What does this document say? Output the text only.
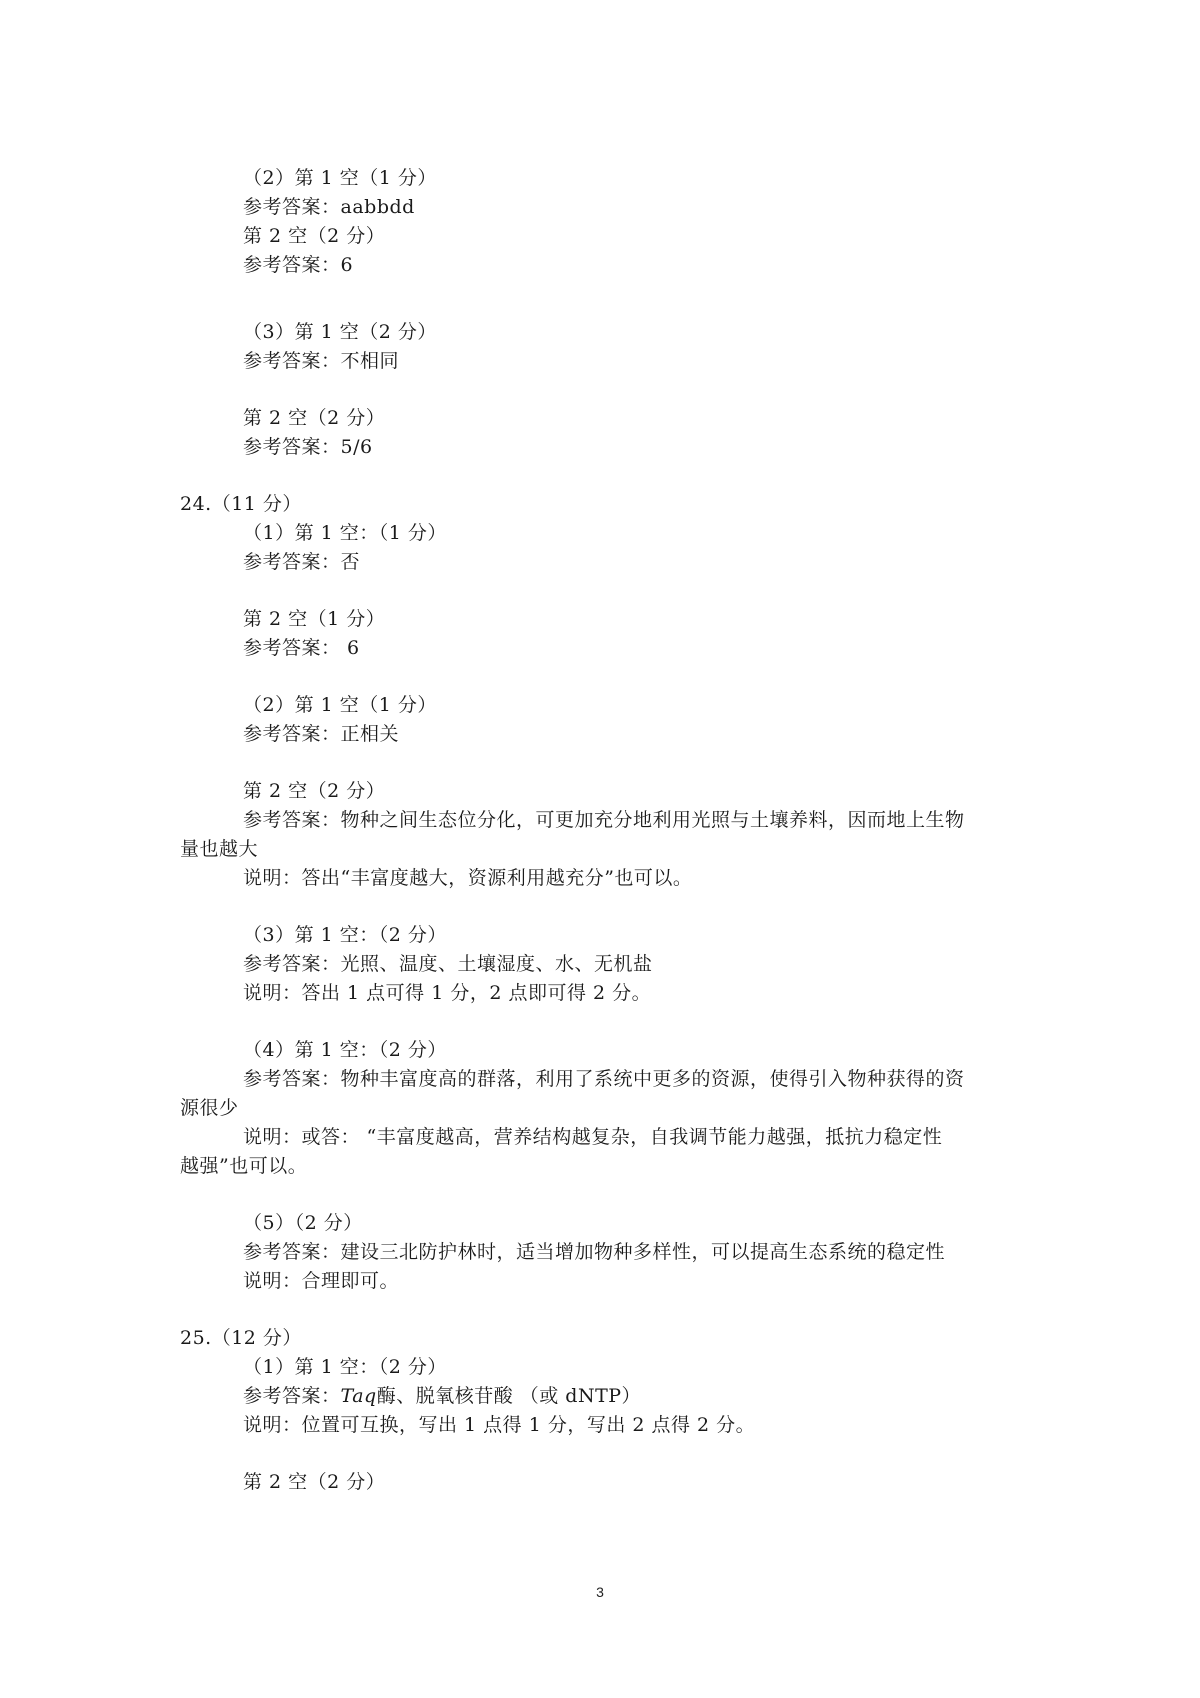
（2）第 1 空（1 分）
参考答案：aabbdd
第 2 空（2 分）
参考答案：6
（3）第 1 空（2 分）
参考答案：不相同
第 2 空（2 分）
参考答案：5/6
24.（11 分）
（1）第 1 空：（1 分）
参考答案：否
第 2 空（1 分）
参考答案： 6
（2）第 1 空（1 分）
参考答案：正相关
第 2 空（2 分）
参考答案：物种之间生态位分化，可更加充分地利用光照与土壤养料，因而地上生物
量也越大
说明：答出“丰富度越大，资源利用越充分”也可以。
（3）第 1 空：（2 分）
参考答案：光照、温度、土壤湿度、水、无机盐
说明：答出 1 点可得 1 分，2 点即可得 2 分。
（4）第 1 空：（2 分）
参考答案：物种丰富度高的群落，利用了系统中更多的资源，使得引入物种获得的资
源很少
说明：或答： “丰富度越高，营养结构越复杂，自我调节能力越强，抵抗力稳定性
越强”也可以。
（5）（2 分）
参考答案：建设三北防护林时，适当增加物种多样性，可以提高生态系统的稳定性
说明：合理即可。
25.（12 分）
（1）第 1 空：（2 分）
参考答案：Taq酶、脱氧核苷酸 （或 dNTP）
说明：位置可互换，写出 1 点得 1 分，写出 2 点得 2 分。
第 2 空（2 分）
3
